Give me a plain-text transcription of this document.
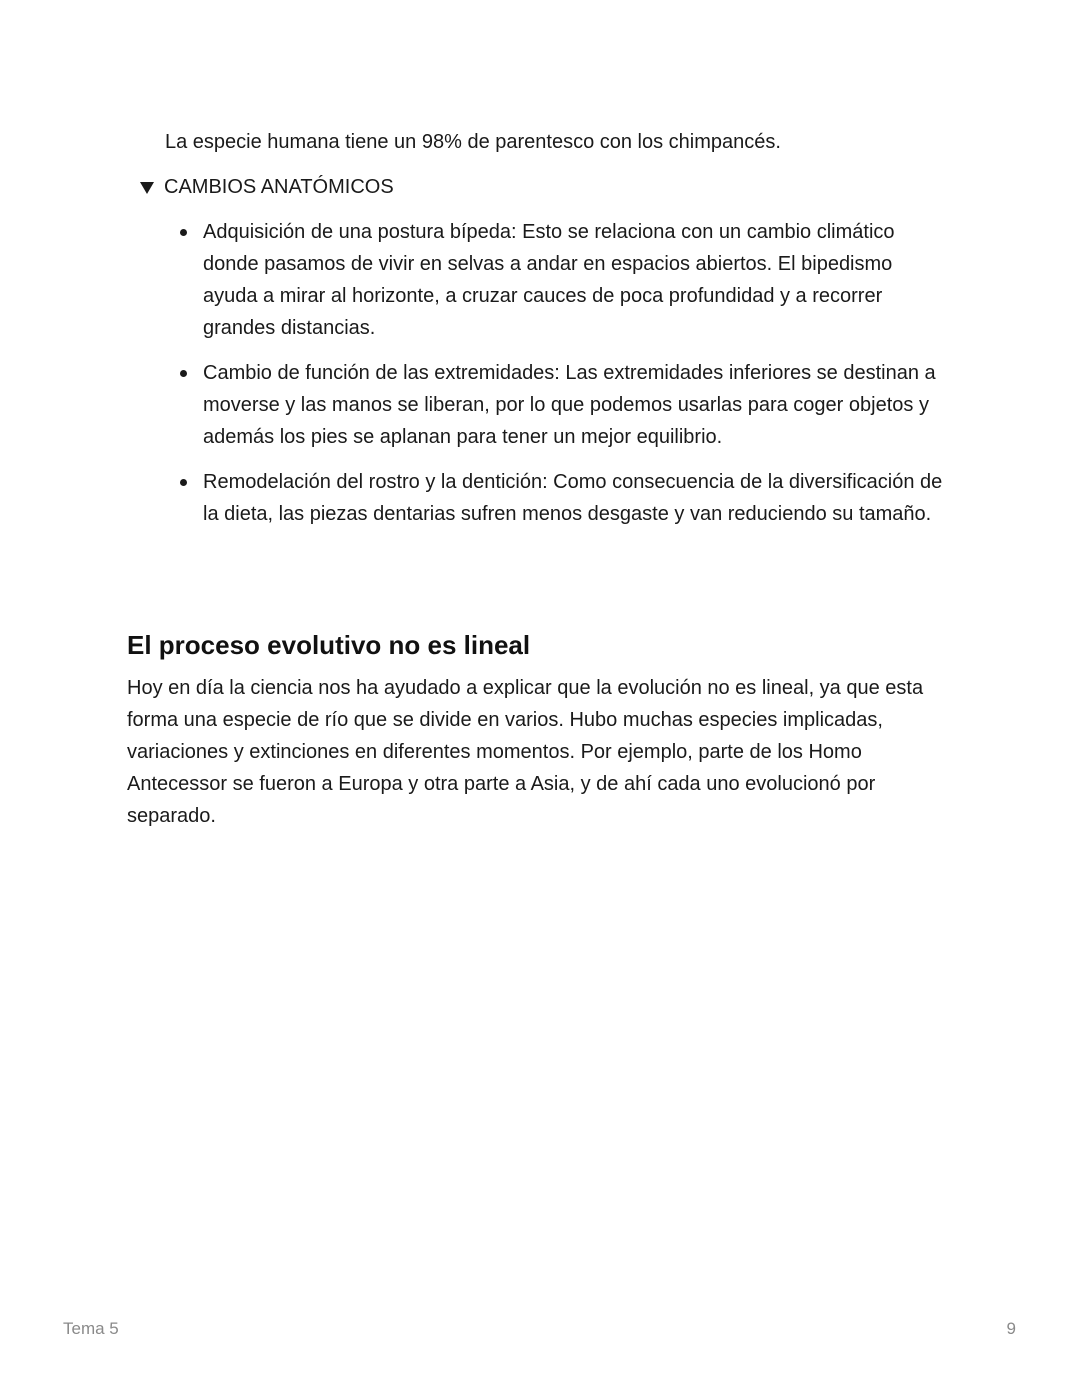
La especie humana tiene un 98% de parentesco con los chimpancés.

CAMBIOS ANATÓMICOS
Adquisición de una postura bípeda: Esto se relaciona con un cambio climático donde pasamos de vivir en selvas a andar en espacios abiertos. El bipedismo ayuda a mirar al horizonte, a cruzar cauces de poca profundidad y a recorrer grandes distancias.
Cambio de función de las extremidades: Las extremidades inferiores se destinan a moverse y las manos se liberan, por lo que podemos usarlas para coger objetos y además los pies se aplanan para tener un mejor equilibrio.
Remodelación del rostro y la dentición: Como consecuencia de la diversificación de la dieta, las piezas dentarias sufren menos desgaste y van reduciendo su tamaño.
El proceso evolutivo no es lineal

Hoy en día la ciencia nos ha ayudado a explicar que la evolución no es lineal, ya que esta forma una especie de río que se divide en varios. Hubo muchas especies implicadas, variaciones y extinciones en diferentes momentos. Por ejemplo, parte de los Homo Antecessor se fueron a Europa y otra parte a Asia, y de ahí cada uno evolucionó por separado.

Tema 5	9
